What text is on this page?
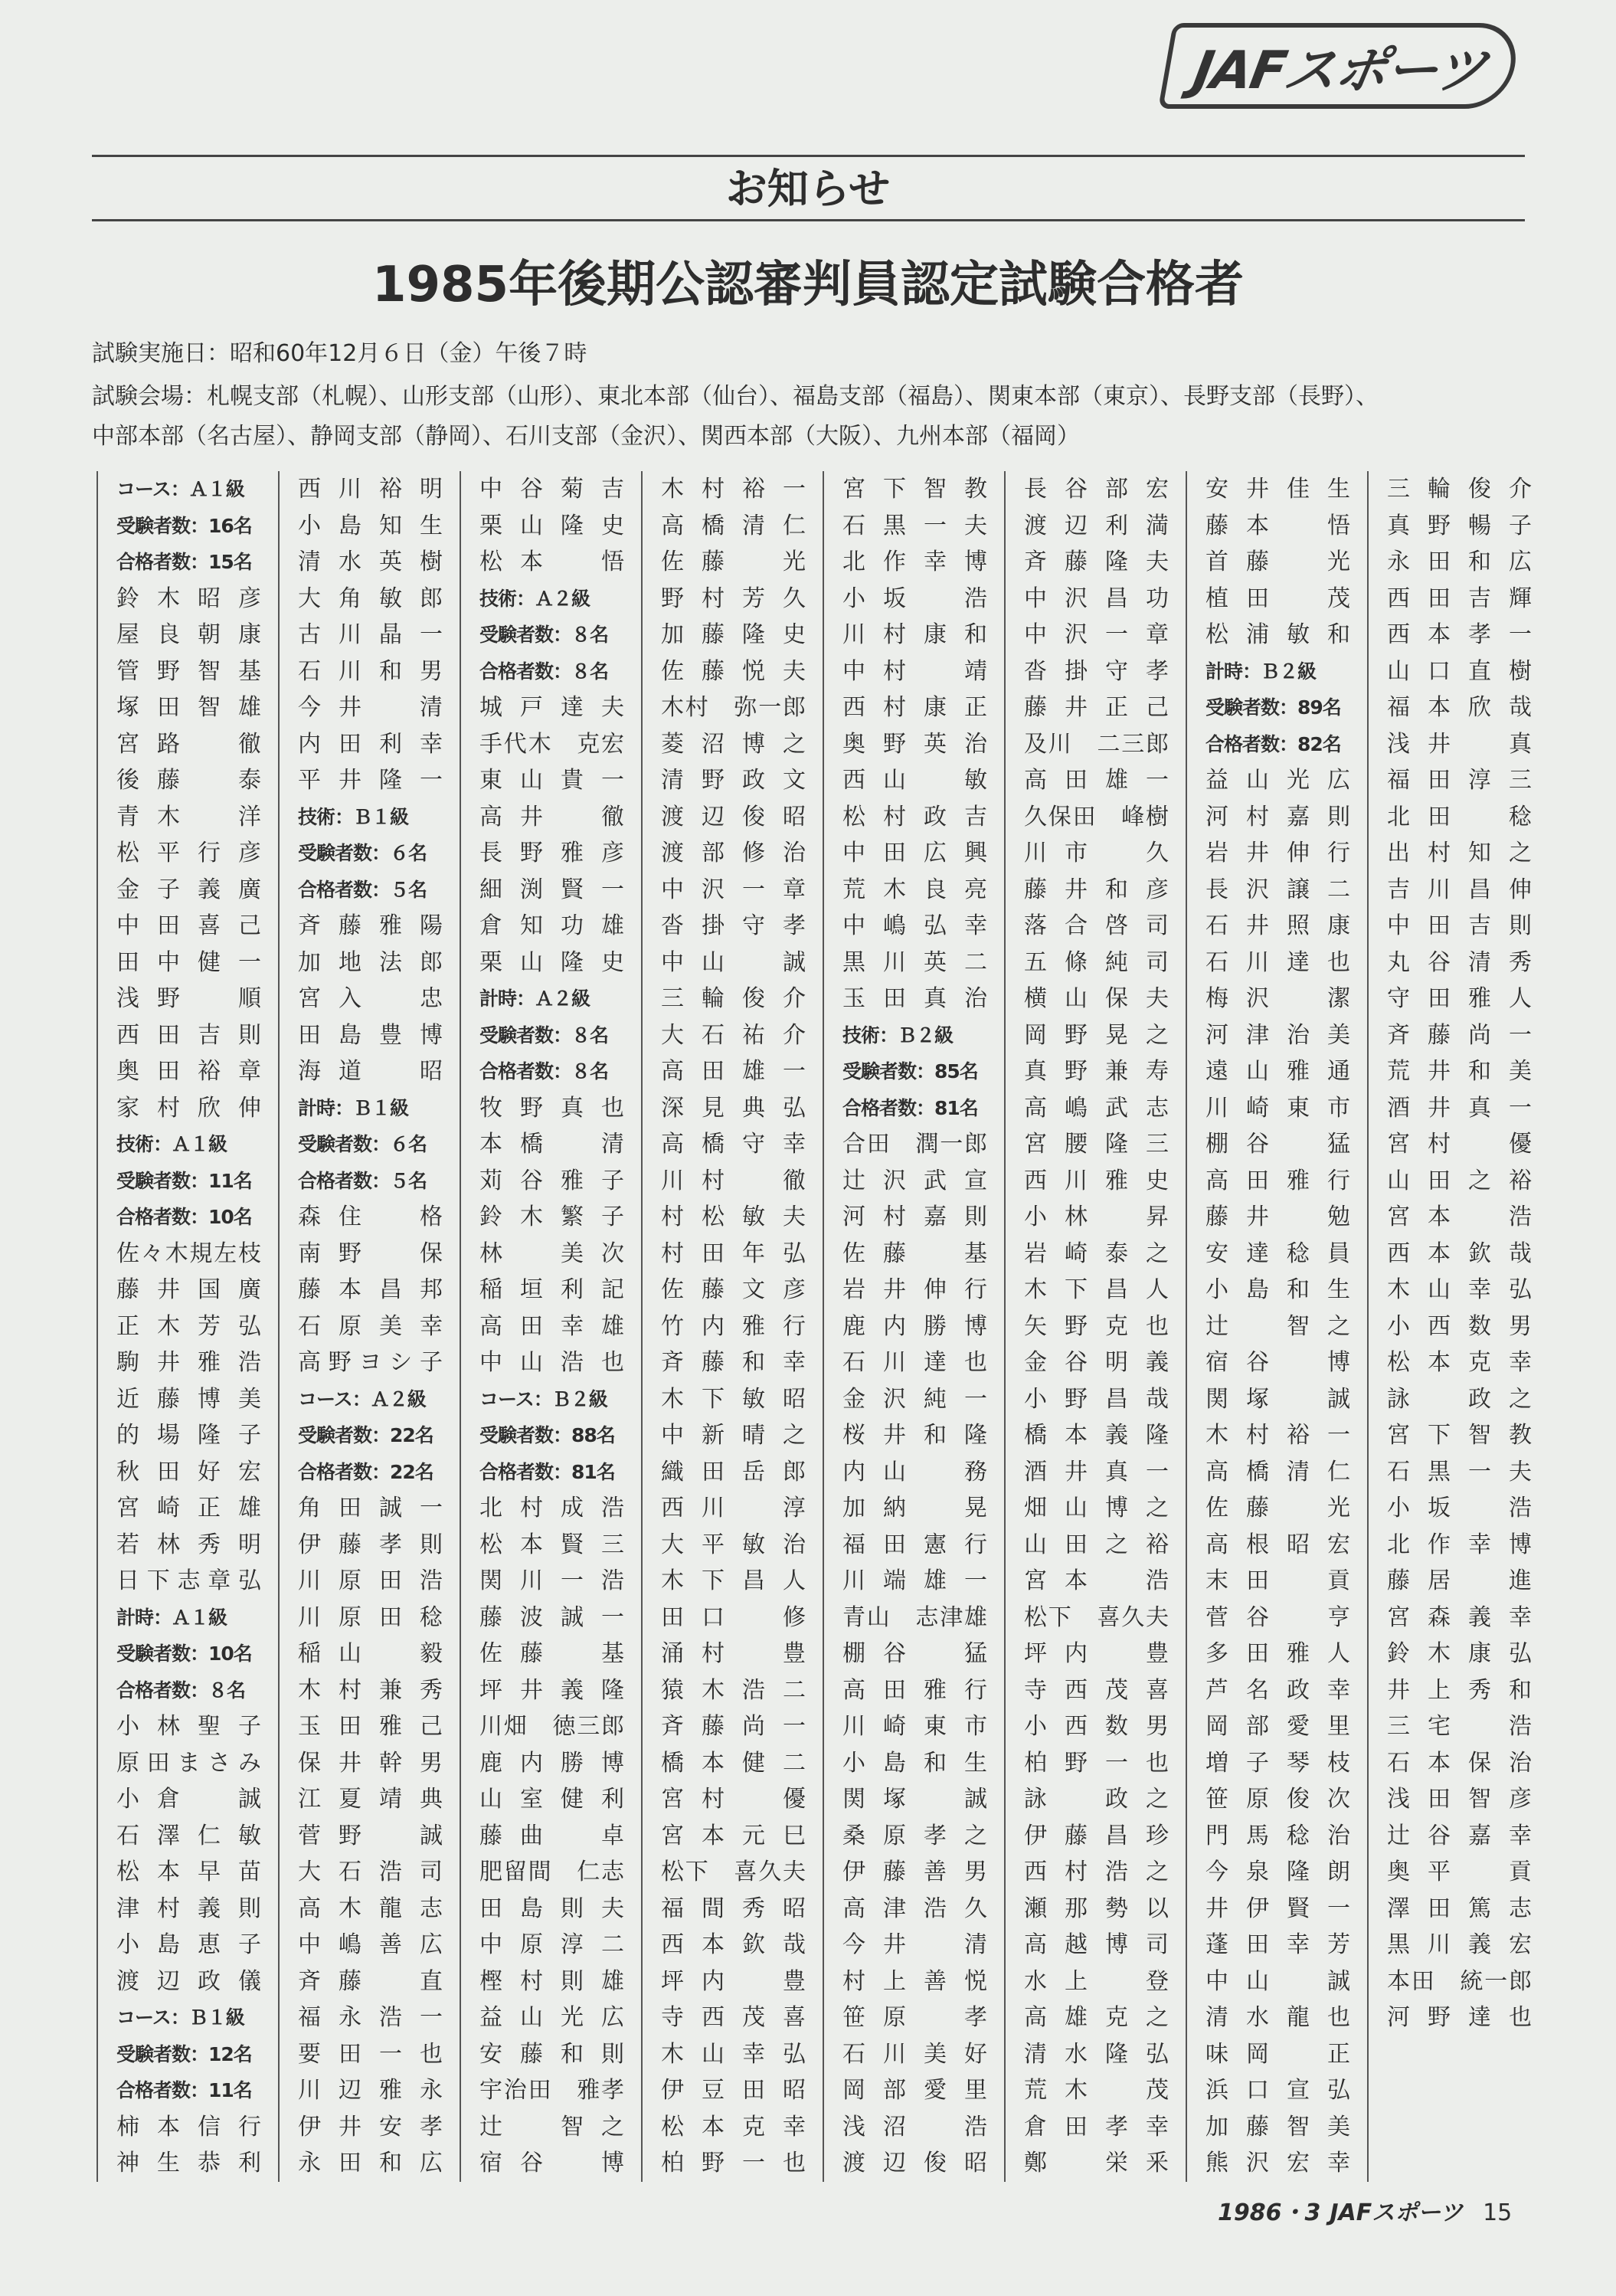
JAFスポーツ
お知らせ
1985年後期公認審判員認定試験合格者
試験実施日：昭和60年12月６日（金）午後７時
試験会場：札幌支部（札幌）、山形支部（山形）、東北本部（仙台）、福島支部（福島）、関東本部（東京）、長野支部（長野）、
中部本部（名古屋）、静岡支部（静岡）、石川支部（金沢）、関西本部（大阪）、九州本部（福岡）
コース：Ａ１級
受験者数：16名
合格者数：15名
鈴木昭彦
屋良朝康
管野智基
塚田智雄
宮路　徹
後藤　泰
青木　洋
松平行彦
金子義廣
中田喜己
田中健一
浅野　順
西田吉則
奥田裕章
家村欣伸
技術：Ａ１級
受験者数：11名
合格者数：10名
佐々木規左枝
藤井国廣
正木芳弘
駒井雅浩
近藤博美
的場隆子
秋田好宏
宮崎正雄
若林秀明
日下志章弘
計時：Ａ１級
受験者数：10名
合格者数：８名
小林聖子
原田まさみ
小倉　誠
石澤仁敏
松本早苗
津村義則
小島恵子
渡辺政儀
コース：Ｂ１級
受験者数：12名
合格者数：11名
柿本信行
神生恭利
西川裕明
小島知生
清水英樹
大角敏郎
古川晶一
石川和男
今井　清
内田利幸
平井隆一
技術：Ｂ１級
受験者数：６名
合格者数：５名
斉藤雅陽
加地法郎
宮入　忠
田島豊博
海道　昭
計時：Ｂ１級
受験者数：６名
合格者数：５名
森住　格
南野　保
藤本昌邦
石原美幸
高野ヨシ子
コース：Ａ２級
受験者数：22名
合格者数：22名
角田誠一
伊藤孝則
川原田浩
川原田稔
稲山　毅
木村兼秀
玉田雅己
保井幹男
江夏靖典
菅野　誠
大石浩司
高木龍志
中嶋善広
斉藤　直
福永浩一
要田一也
川辺雅永
伊井安孝
永田和広
中谷菊吉
栗山隆史
松本　悟
技術：Ａ２級
受験者数：８名
合格者数：８名
城戸達夫
手代木　克宏
東山貴一
高井　徹
長野雅彦
細渕賢一
倉知功雄
栗山隆史
計時：Ａ２級
受験者数：８名
合格者数：８名
牧野真也
本橋　清
苅谷雅子
鈴木繁子
林　美次
稲垣利記
高田幸雄
中山浩也
コース：Ｂ２級
受験者数：88名
合格者数：81名
北村成浩
松本賢三
関川一浩
藤波誠一
佐藤　基
坪井義隆
川畑　徳三郎
鹿内勝博
山室健利
藤曲　卓
肥留間　仁志
田島則夫
中原淳二
樫村則雄
益山光広
安藤和則
宇治田　雅孝
辻　智之
宿谷　博
木村裕一
高橋清仁
佐藤　光
野村芳久
加藤隆史
佐藤悦夫
木村　弥一郎
菱沼博之
清野政文
渡辺俊昭
渡部修治
中沢一章
沓掛守孝
中山　誠
三輪俊介
大石祐介
高田雄一
深見典弘
高橋守幸
川村　徹
村松敏夫
村田年弘
佐藤文彦
竹内雅行
斉藤和幸
木下敏昭
中新晴之
織田岳郎
西川　淳
大平敏治
木下昌人
田口　修
涌村　豊
猿木浩二
斉藤尚一
橋本健二
宮村　優
宮本元巳
松下　喜久夫
福間秀昭
西本欽哉
坪内　豊
寺西茂喜
木山幸弘
伊豆田昭
松本克幸
柏野一也
宮下智教
石黒一夫
北作幸博
小坂　浩
川村康和
中村　靖
西村康正
奥野英治
西山　敏
松村政吉
中田広興
荒木良亮
中嶋弘幸
黒川英二
玉田真治
技術：Ｂ２級
受験者数：85名
合格者数：81名
合田　潤一郎
辻沢武宣
河村嘉則
佐藤　基
岩井伸行
鹿内勝博
石川達也
金沢純一
桜井和隆
内山　務
加納　晃
福田憲行
川端雄一
青山　志津雄
棚谷　猛
高田雅行
川崎東市
小島和生
関塚　誠
桑原孝之
伊藤善男
高津浩久
今井　清
村上善悦
笹原　孝
石川美好
岡部愛里
浅沼　浩
渡辺俊昭
長谷部宏
渡辺利満
斉藤隆夫
中沢昌功
中沢一章
沓掛守孝
藤井正己
及川　二三郎
高田雄一
久保田　峰樹
川市　久
藤井和彦
落合啓司
五條純司
横山保夫
岡野晃之
真野兼寿
高嶋武志
宮腰隆三
西川雅史
小林　昇
岩崎泰之
木下昌人
矢野克也
金谷明義
小野昌哉
橋本義隆
酒井真一
畑山博之
山田之裕
宮本　浩
松下　喜久夫
坪内　豊
寺西茂喜
小西数男
柏野一也
詠　政之
伊藤昌珍
西村浩之
瀬那勢以
高越博司
水上　登
高雄克之
清水隆弘
荒木　茂
倉田孝幸
鄭　栄釆
安井佳生
藤本　悟
首藤　光
植田　茂
松浦敏和
計時：Ｂ２級
受験者数：89名
合格者数：82名
益山光広
河村嘉則
岩井伸行
長沢譲二
石井照康
石川達也
梅沢　潔
河津治美
遠山雅通
川崎東市
棚谷　猛
高田雅行
藤井　勉
安達稔員
小島和生
辻　智之
宿谷　博
関塚　誠
木村裕一
高橋清仁
佐藤　光
高根昭宏
末田　貢
菅谷　亨
多田雅人
芦名政幸
岡部愛里
増子琴枝
笹原俊次
門馬稔治
今泉隆朗
井伊賢一
蓬田幸芳
中山　誠
清水龍也
味岡　正
浜口宣弘
加藤智美
熊沢宏幸
三輪俊介
真野暢子
永田和広
西田吉輝
西本孝一
山口直樹
福本欣哉
浅井　真
福田淳三
北田　稔
出村知之
吉川昌伸
中田吉則
丸谷清秀
守田雅人
斉藤尚一
荒井和美
酒井真一
宮村　優
山田之裕
宮本　浩
西本欽哉
木山幸弘
小西数男
松本克幸
詠　政之
宮下智教
石黒一夫
小坂　浩
北作幸博
藤居　進
宮森義幸
鈴木康弘
井上秀和
三宅　浩
石本保治
浅田智彦
辻谷嘉幸
奥平　貢
澤田篤志
黒川義宏
本田　統一郎
河野達也
1986・3 JAFスポーツ 15
